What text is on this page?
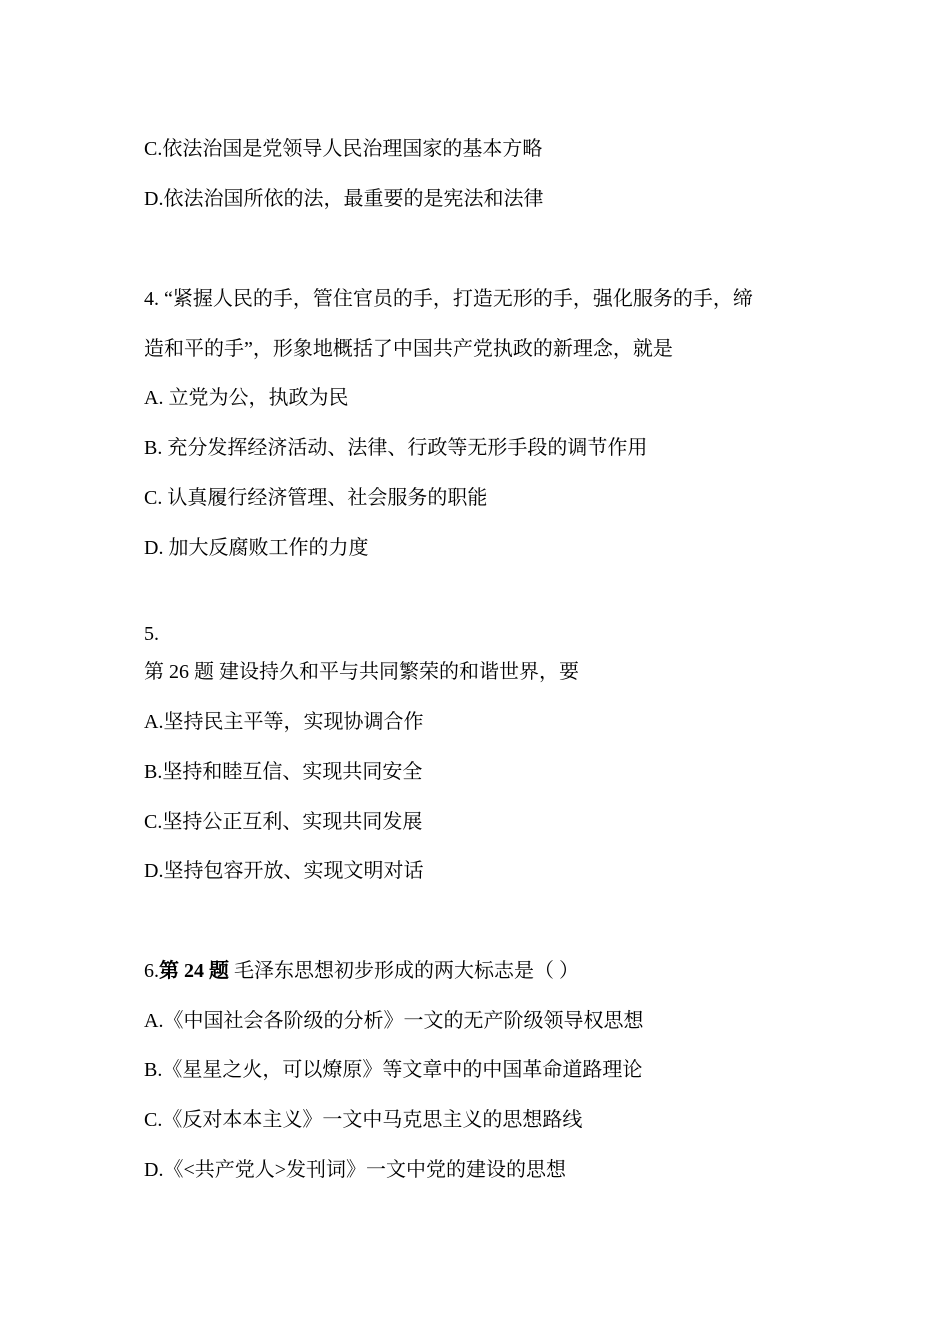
C.依法治国是党领导人民治理国家的基本方略
D.依法治国所依的法，最重要的是宪法和法律
4. “紧握人民的手，管住官员的手，打造无形的手，强化服务的手，缔
造和平的手”，形象地概括了中国共产党执政的新理念，就是
A. 立党为公，执政为民
B. 充分发挥经济活动、法律、行政等无形手段的调节作用
C. 认真履行经济管理、社会服务的职能
D. 加大反腐败工作的力度
5.
第 26 题 建设持久和平与共同繁荣的和谐世界，要
A.坚持民主平等，实现协调合作
B.坚持和睦互信、实现共同安全
C.坚持公正互利、实现共同发展
D.坚持包容开放、实现文明对话
6.第 24 题 毛泽东思想初步形成的两大标志是（ ）
A.《中国社会各阶级的分析》一文的无产阶级领导权思想
B.《星星之火，可以燎原》等文章中的中国革命道路理论
C.《反对本本主义》一文中马克思主义的思想路线
D.《<共产党人>发刊词》一文中党的建设的思想
